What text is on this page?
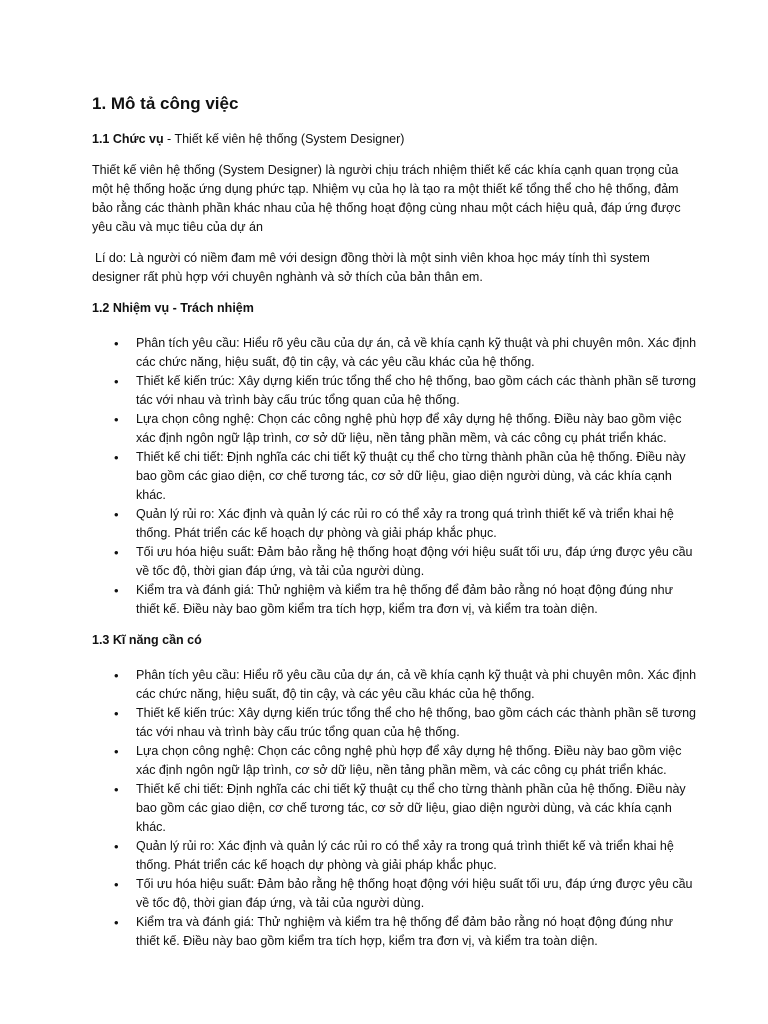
1. Mô tả công việc
1.1 Chức vụ - Thiết kế viên hệ thống (System Designer)

Thiết kế viên hệ thống (System Designer) là người chịu trách nhiệm thiết kế các khía cạnh quan trọng của một hệ thống hoặc ứng dụng phức tạp. Nhiệm vụ của họ là tạo ra một thiết kế tổng thể cho hệ thống, đảm bảo rằng các thành phần khác nhau của hệ thống hoạt động cùng nhau một cách hiệu quả, đáp ứng được yêu cầu và mục tiêu của dự án

Lí do: Là người có niềm đam mê với design đồng thời là một sinh viên khoa học máy tính thì system designer rất phù hợp với chuyên nghành và sở thích của bản thân em.

1.2 Nhiệm vụ - Trách nhiệm
• Phân tích yêu cầu: Hiểu rõ yêu cầu của dự án, cả về khía cạnh kỹ thuật và phi chuyên môn. Xác định các chức năng, hiệu suất, độ tin cậy, và các yêu cầu khác của hệ thống.
• Thiết kế kiến trúc: Xây dựng kiến trúc tổng thể cho hệ thống, bao gồm cách các thành phần sẽ tương tác với nhau và trình bày cấu trúc tổng quan của hệ thống.
• Lựa chọn công nghệ: Chọn các công nghệ phù hợp để xây dựng hệ thống. Điều này bao gồm việc xác định ngôn ngữ lập trình, cơ sở dữ liệu, nền tảng phần mềm, và các công cụ phát triển khác.
• Thiết kế chi tiết: Định nghĩa các chi tiết kỹ thuật cụ thể cho từng thành phần của hệ thống. Điều này bao gồm các giao diện, cơ chế tương tác, cơ sở dữ liệu, giao diện người dùng, và các khía cạnh khác.
• Quản lý rủi ro: Xác định và quản lý các rủi ro có thể xảy ra trong quá trình thiết kế và triển khai hệ thống. Phát triển các kế hoạch dự phòng và giải pháp khắc phục.
• Tối ưu hóa hiệu suất: Đảm bảo rằng hệ thống hoạt động với hiệu suất tối ưu, đáp ứng được yêu cầu về tốc độ, thời gian đáp ứng, và tải của người dùng.
• Kiểm tra và đánh giá: Thử nghiệm và kiểm tra hệ thống để đảm bảo rằng nó hoạt động đúng như thiết kế. Điều này bao gồm kiểm tra tích hợp, kiểm tra đơn vị, và kiểm tra toàn diện.
1.3 Kĩ năng cần có
• Phân tích yêu cầu: Hiểu rõ yêu cầu của dự án, cả về khía cạnh kỹ thuật và phi chuyên môn. Xác định các chức năng, hiệu suất, độ tin cậy, và các yêu cầu khác của hệ thống.
• Thiết kế kiến trúc: Xây dựng kiến trúc tổng thể cho hệ thống, bao gồm cách các thành phần sẽ tương tác với nhau và trình bày cấu trúc tổng quan của hệ thống.
• Lựa chọn công nghệ: Chọn các công nghệ phù hợp để xây dựng hệ thống. Điều này bao gồm việc xác định ngôn ngữ lập trình, cơ sở dữ liệu, nền tảng phần mềm, và các công cụ phát triển khác.
• Thiết kế chi tiết: Định nghĩa các chi tiết kỹ thuật cụ thể cho từng thành phần của hệ thống. Điều này bao gồm các giao diện, cơ chế tương tác, cơ sở dữ liệu, giao diện người dùng, và các khía cạnh khác.
• Quản lý rủi ro: Xác định và quản lý các rủi ro có thể xảy ra trong quá trình thiết kế và triển khai hệ thống. Phát triển các kế hoạch dự phòng và giải pháp khắc phục.
• Tối ưu hóa hiệu suất: Đảm bảo rằng hệ thống hoạt động với hiệu suất tối ưu, đáp ứng được yêu cầu về tốc độ, thời gian đáp ứng, và tải của người dùng.
• Kiểm tra và đánh giá: Thử nghiệm và kiểm tra hệ thống để đảm bảo rằng nó hoạt động đúng như thiết kế. Điều này bao gồm kiểm tra tích hợp, kiểm tra đơn vị, và kiểm tra toàn diện.
